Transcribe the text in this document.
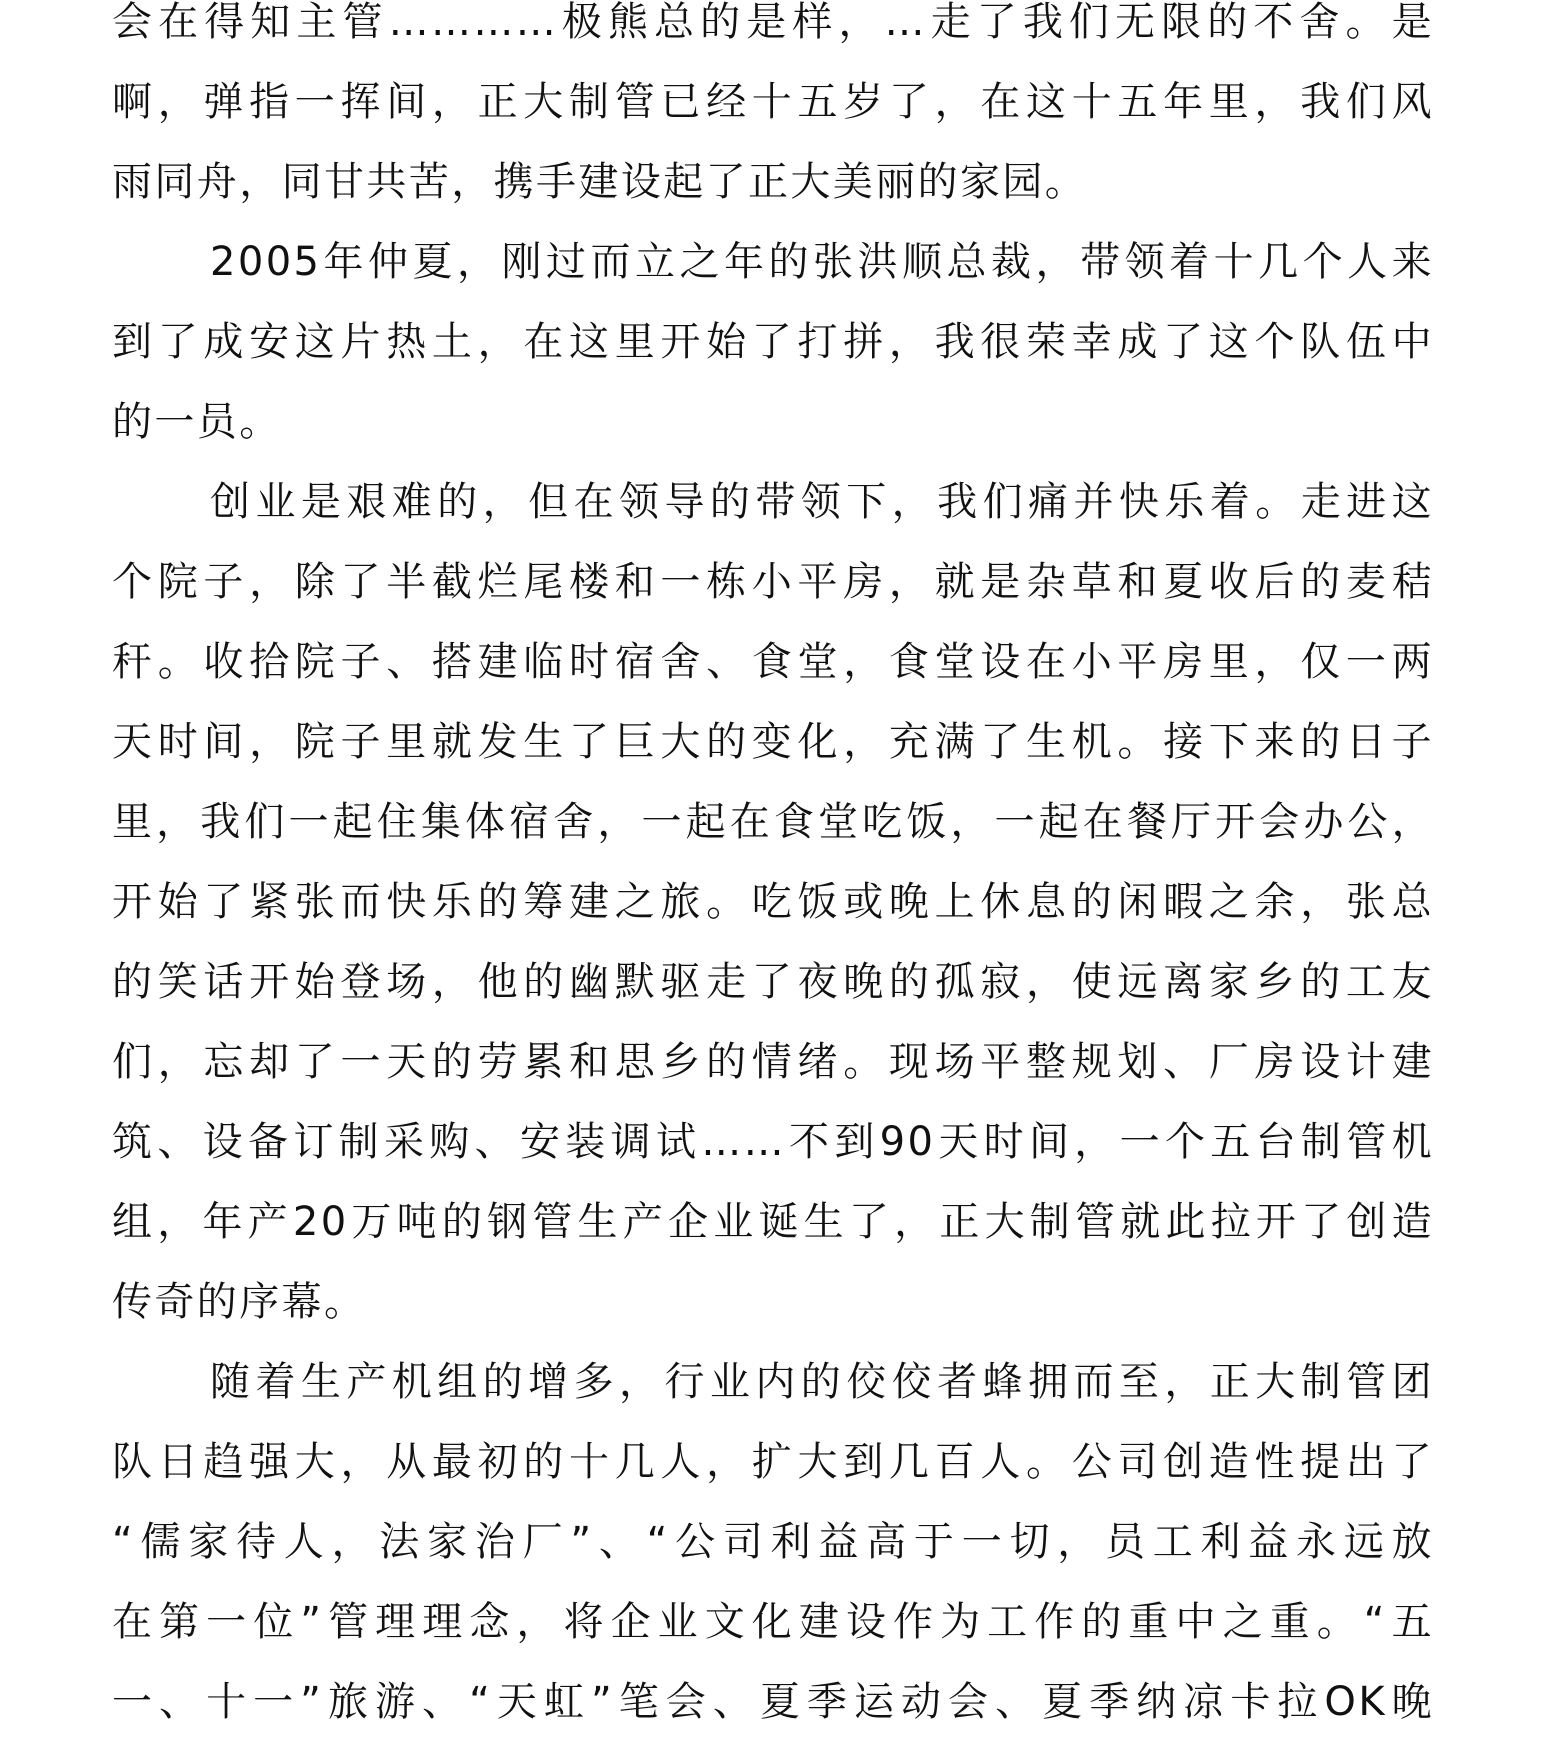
会在得知主管…………极熊总的是样，…走了我们无限的不舍。是
啊，弹指一挥间，正大制管已经十五岁了，在这十五年里，我们风
雨同舟，同甘共苦，携手建设起了正大美丽的家园。
2005年仲夏，刚过而立之年的张洪顺总裁，带领着十几个人来
到了成安这片热土，在这里开始了打拼，我很荣幸成了这个队伍中
的一员。
创业是艰难的，但在领导的带领下，我们痛并快乐着。走进这
个院子，除了半截烂尾楼和一栋小平房，就是杂草和夏收后的麦秸
秆。收拾院子、搭建临时宿舍、食堂，食堂设在小平房里，仅一两
天时间，院子里就发生了巨大的变化，充满了生机。接下来的日子
里，我们一起住集体宿舍，一起在食堂吃饭，一起在餐厅开会办公，
开始了紧张而快乐的筹建之旅。吃饭或晚上休息的闲暇之余，张总
的笑话开始登场，他的幽默驱走了夜晚的孤寂，使远离家乡的工友
们，忘却了一天的劳累和思乡的情绪。现场平整规划、厂房设计建
筑、设备订制采购、安装调试……不到90天时间，一个五台制管机
组，年产20万吨的钢管生产企业诞生了，正大制管就此拉开了创造
传奇的序幕。
随着生产机组的增多，行业内的佼佼者蜂拥而至，正大制管团
队日趋强大，从最初的十几人，扩大到几百人。公司创造性提出了
“儒家待人，法家治厂”、“公司利益高于一切，员工利益永远放
在第一位”管理理念，将企业文化建设作为工作的重中之重。“五
一、十一”旅游、“天虹”笔会、夏季运动会、夏季纳凉卡拉OK晚
